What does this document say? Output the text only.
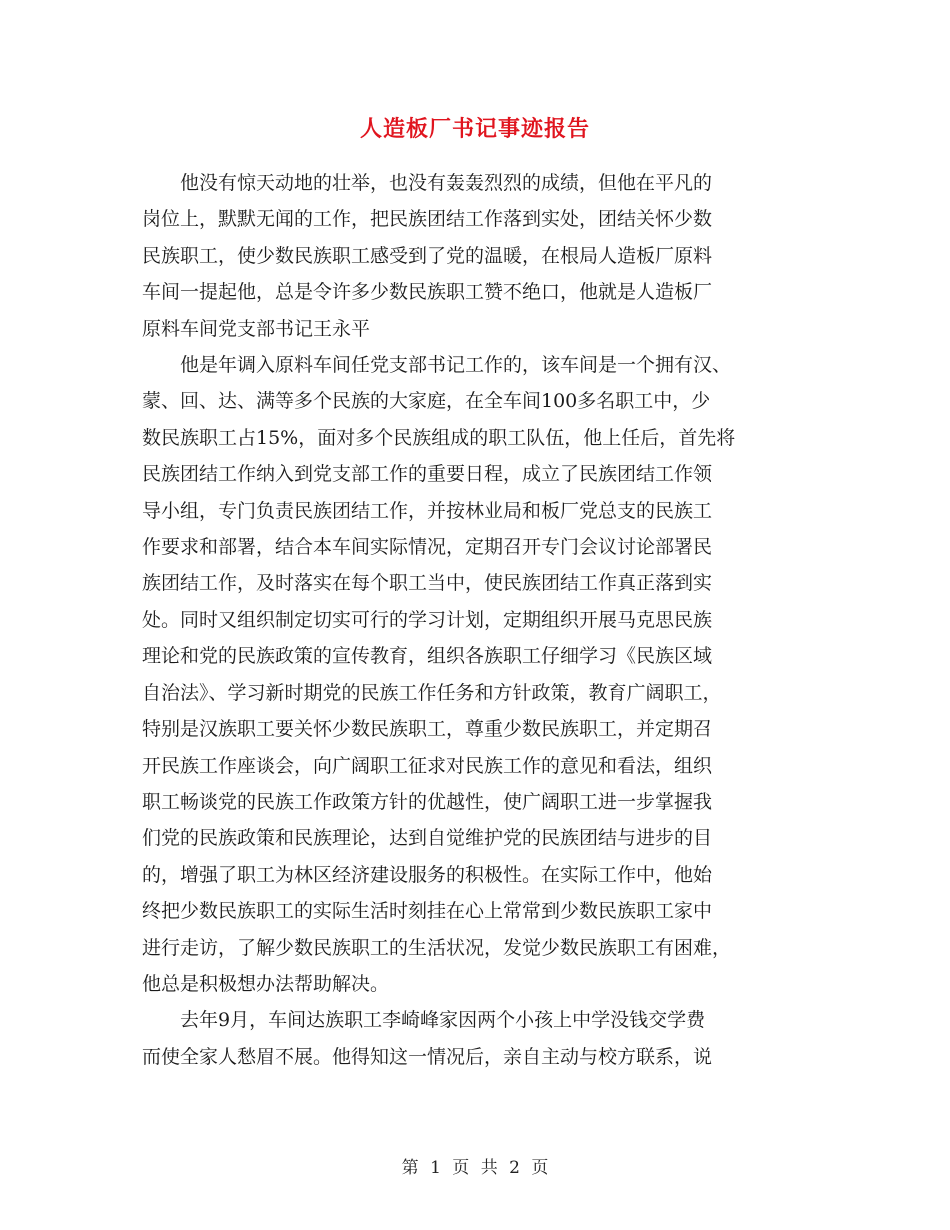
人造板厂书记事迹报告

他没有惊天动地的壮举，也没有轰轰烈烈的成绩，但他在平凡的
岗位上，默默无闻的工作，把民族团结工作落到实处，团结关怀少数
民族职工，使少数民族职工感受到了党的温暖，在根局人造板厂原料
车间一提起他，总是令许多少数民族职工赞不绝口，他就是人造板厂
原料车间党支部书记王永平

他是年调入原料车间任党支部书记工作的，该车间是一个拥有汉、
蒙、回、达、满等多个民族的大家庭，在全车间100多名职工中，少
数民族职工占15%，面对多个民族组成的职工队伍，他上任后，首先将
民族团结工作纳入到党支部工作的重要日程，成立了民族团结工作领
导小组，专门负责民族团结工作，并按林业局和板厂党总支的民族工
作要求和部署，结合本车间实际情况，定期召开专门会议讨论部署民
族团结工作，及时落实在每个职工当中，使民族团结工作真正落到实
处。同时又组织制定切实可行的学习计划，定期组织开展马克思民族
理论和党的民族政策的宣传教育，组织各族职工仔细学习《民族区域
自治法》、学习新时期党的民族工作任务和方针政策，教育广阔职工，
特别是汉族职工要关怀少数民族职工，尊重少数民族职工，并定期召
开民族工作座谈会，向广阔职工征求对民族工作的意见和看法，组织
职工畅谈党的民族工作政策方针的优越性，使广阔职工进一步掌握我
们党的民族政策和民族理论，达到自觉维护党的民族团结与进步的目
的，增强了职工为林区经济建设服务的积极性。在实际工作中，他始
终把少数民族职工的实际生活时刻挂在心上常常到少数民族职工家中
进行走访，了解少数民族职工的生活状况，发觉少数民族职工有困难，
他总是积极想办法帮助解决。

去年9月，车间达族职工李崎峰家因两个小孩上中学没钱交学费
而使全家人愁眉不展。他得知这一情况后，亲自主动与校方联系，说

第 1 页 共 2 页
